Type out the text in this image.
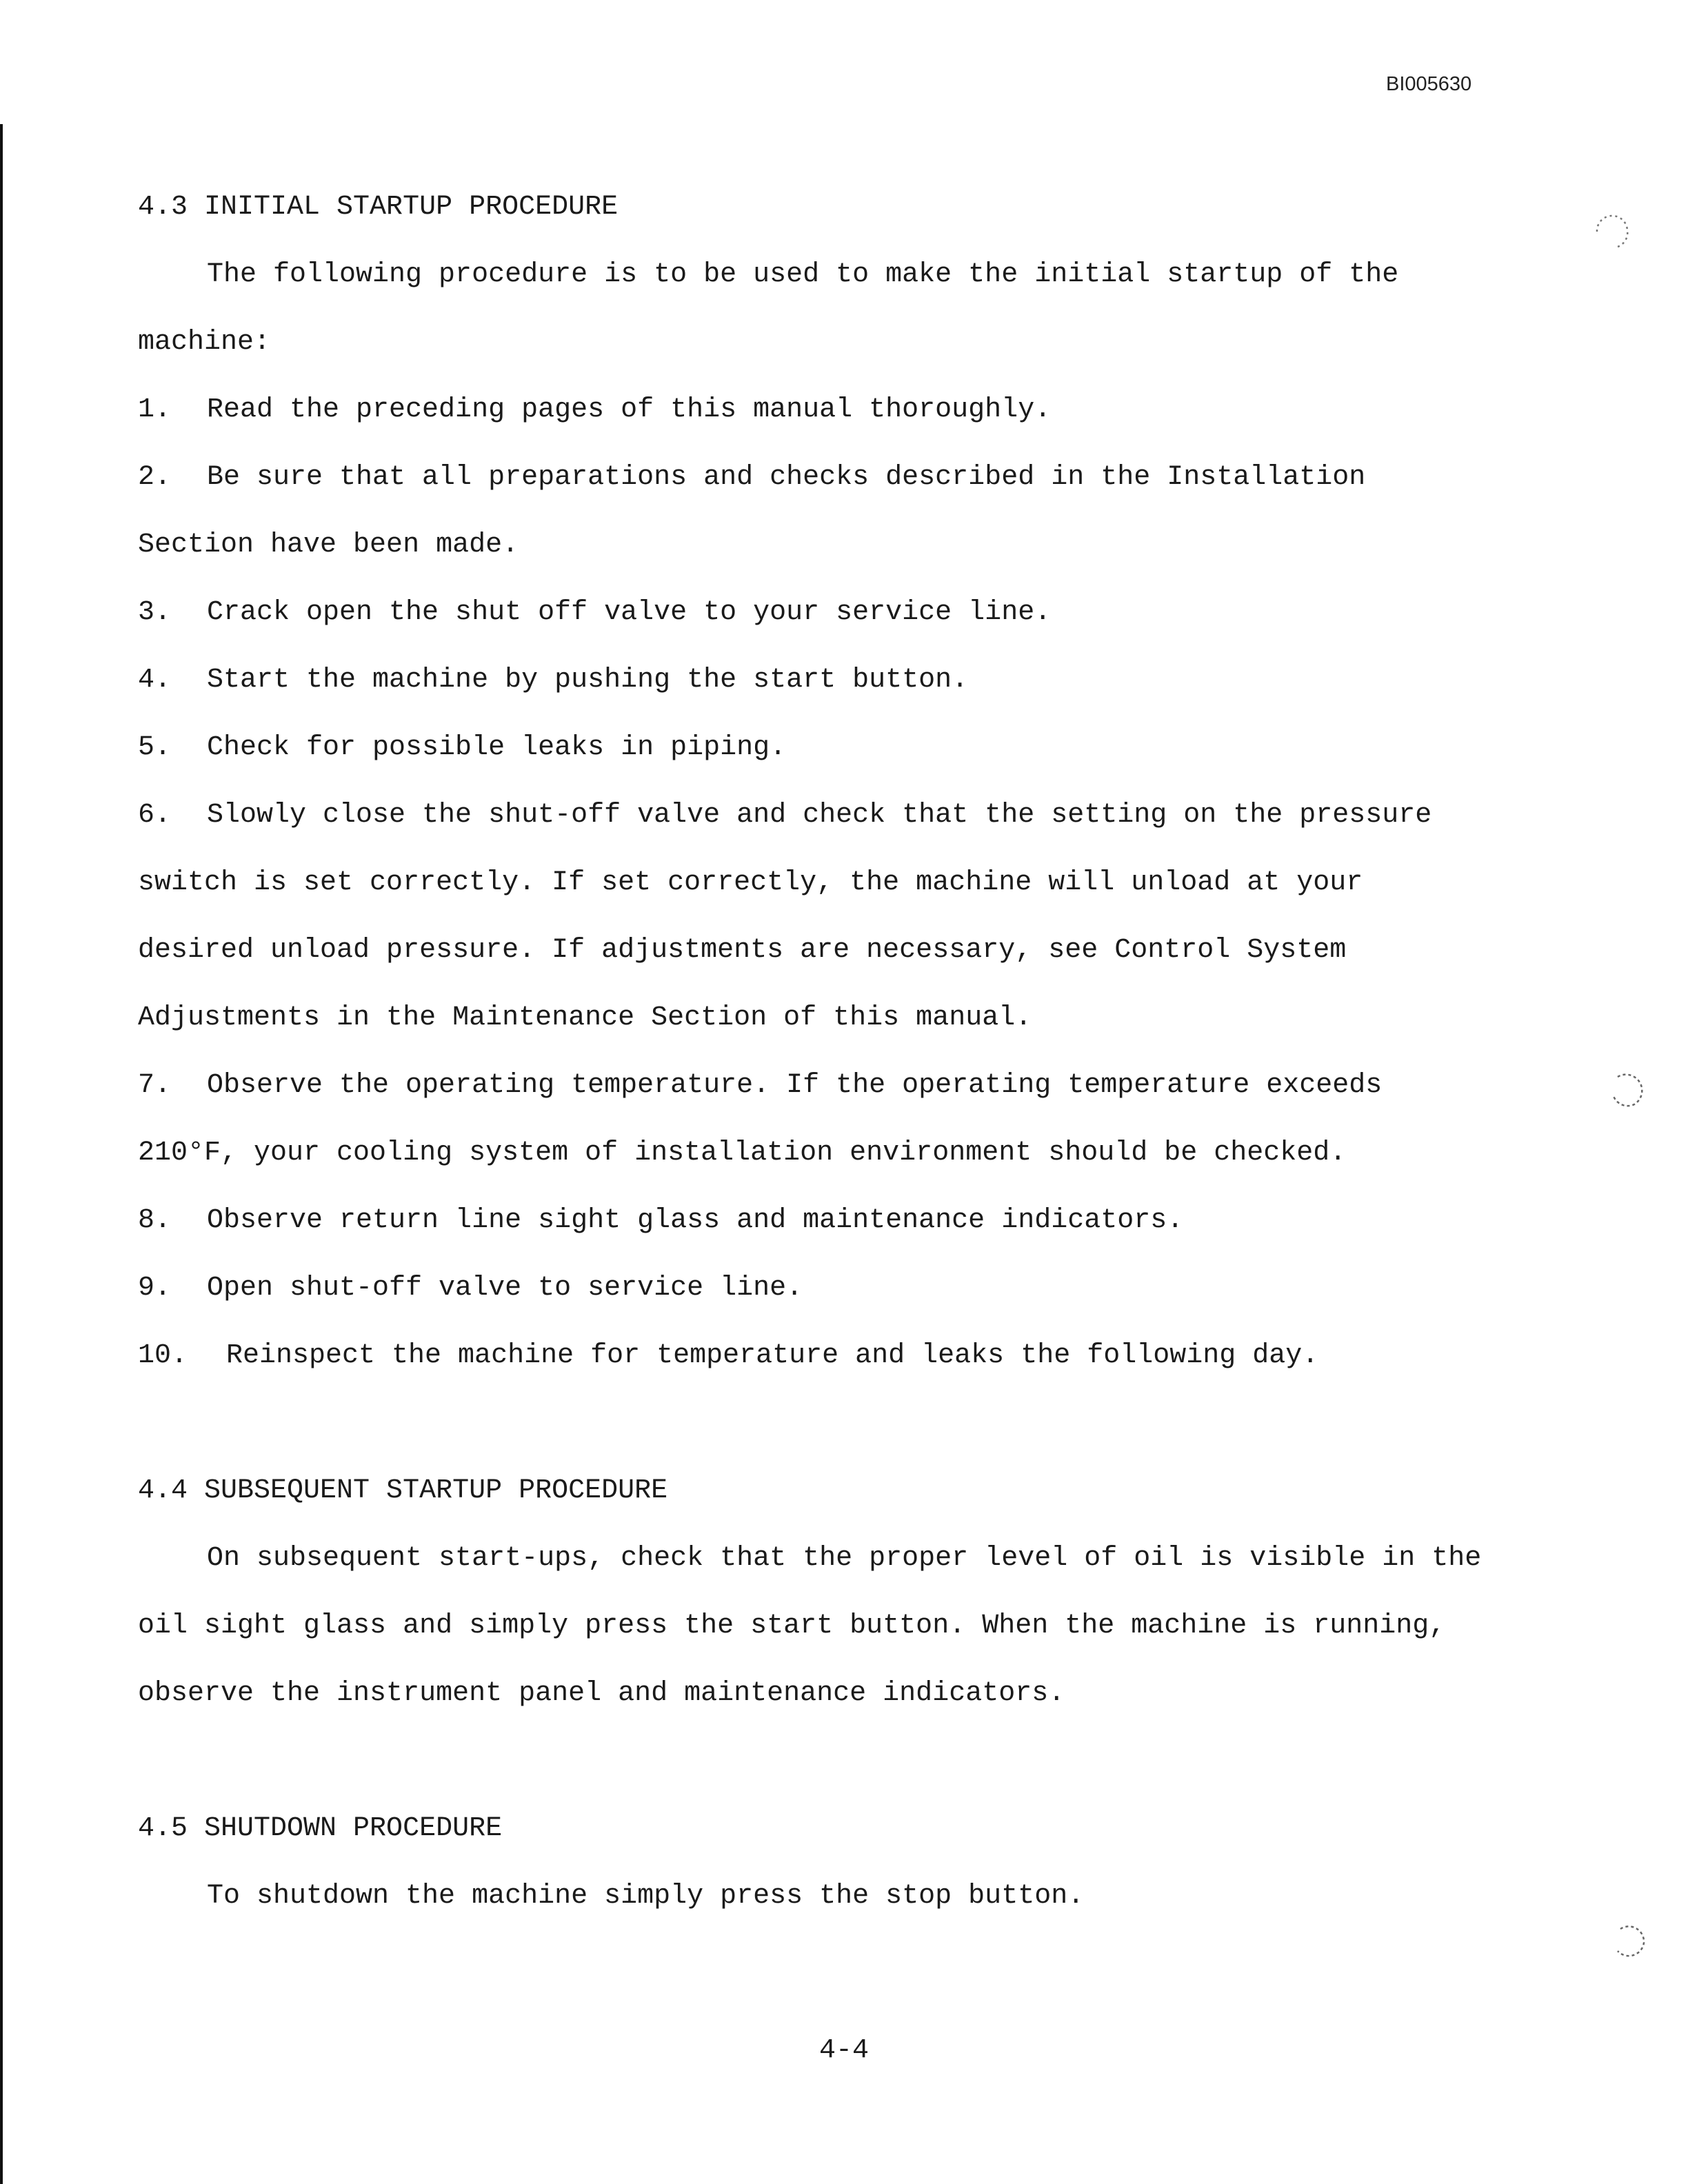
BI005630
4.3 INITIAL STARTUP PROCEDURE
The following procedure is to be used to make the initial startup of the machine:
1.	Read the preceding pages of this manual thoroughly.
2.	Be sure that all preparations and checks described in the Installation
Section have been made.
3.	Crack open the shut off valve to your service line.
4.	Start the machine by pushing the start button.
5.	Check for possible leaks in piping.
6.	Slowly close the shut-off valve and check that the setting on the pressure
switch is set correctly. If set correctly, the machine will unload at your
desired unload pressure. If adjustments are necessary, see Control System
Adjustments in the Maintenance Section of this manual.
7.	Observe the operating temperature. If the operating temperature exceeds
210°F, your cooling system of installation environment should be checked.
8.	Observe return line sight glass and maintenance indicators.
9.	Open shut-off valve to service line.
10.	Reinspect the machine for temperature and leaks the following day.
4.4 SUBSEQUENT STARTUP PROCEDURE
On subsequent start-ups, check that the proper level of oil is visible in the oil sight glass and simply press the start button. When the machine is running, observe the instrument panel and maintenance indicators.
4.5 SHUTDOWN PROCEDURE
To shutdown the machine simply press the stop button.
4-4
